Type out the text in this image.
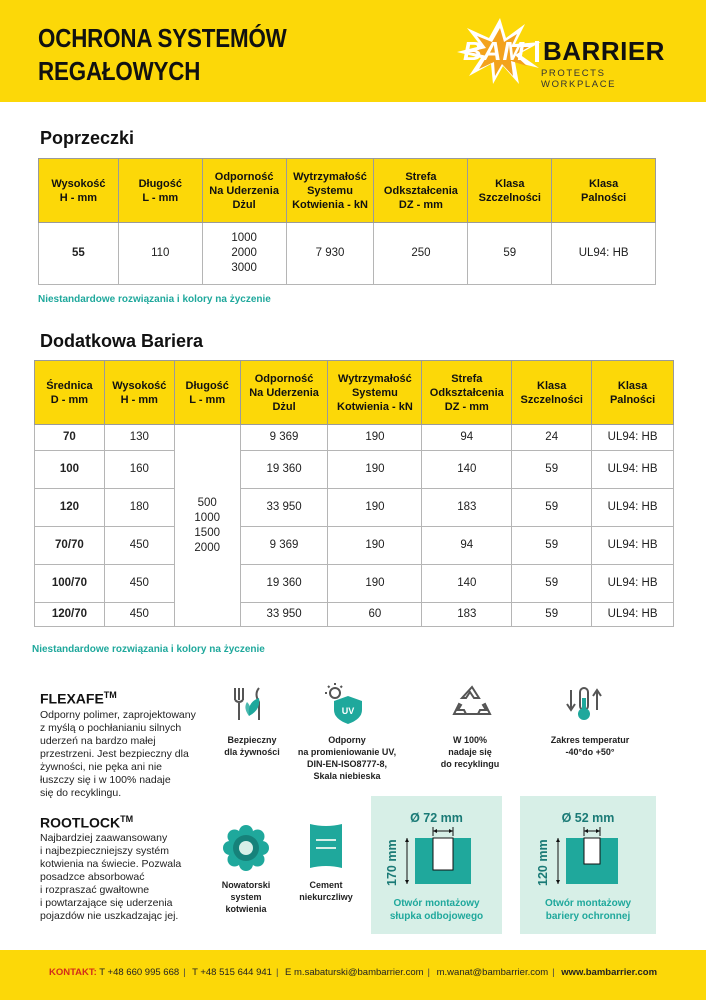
OCHRONA SYSTEMÓW
REGAŁOWYCH
BAM BARRIER
PROTECTS WORKPLACE
Poprzeczki
Wysokość
H - mm	Długość
L - mm	Odporność
Na Uderzenia
Dżul	Wytrzymałość
Systemu
Kotwienia - kN	Strefa
Odkształcenia
DZ - mm	Klasa
Szczelności	Klasa
Palności
55	110	1000
2000
3000	7 930	250	59	UL94: HB
Niestandardowe rozwiązania i kolory na życzenie
Dodatkowa Bariera
Średnica
D - mm	Wysokość
H - mm	Długość
L - mm	Odporność
Na Uderzenia
Dżul	Wytrzymałość
Systemu
Kotwienia - kN	Strefa
Odkształcenia
DZ - mm	Klasa
Szczelności	Klasa
Palności
70	130	500
1000
1500
2000	9 369	190	94	24	UL94: HB
100	160		19 360	190	140	59	UL94: HB
120	180		33 950	190	183	59	UL94: HB
70/70	450		9 369	190	94	59	UL94: HB
100/70	450		19 360	190	140	59	UL94: HB
120/70	450		33 950	60	183	59	UL94: HB
Niestandardowe rozwiązania i kolory na życzenie
FLEXAFE™
Odporny polimer, zaprojektowany
z myślą o pochłanianiu silnych
uderzeń na bardzo małej
przestrzeni. Jest bezpieczny dla
żywności, nie pęka ani nie
łuszczy się i w 100% nadaje
się do recyklingu.
ROOTLOCK™
Najbardziej zaawansowany
i najbezpieczniejszy systém
kotwienia na świecie. Pozwala
posadzce absorbować
i rozpraszać gwałtowne
i powtarzające się uderzenia
pojazdów nie uszkadzając jej.
Bezpieczny
dla żywności
UV
Odporny
na promieniowanie UV,
DIN-EN-ISO8777-8,
Skala niebieska
W 100%
nadaje się
do recyklingu
Zakres temperatur
-40°do +50°
Nowatorski
system
kotwienia
Cement
niekurczliwy
Ø 72 mm
170 mm
Otwór montażowy
słupka odbojowego
Ø 52 mm
120 mm
Otwór montażowy
bariery ochronnej
KONTAKT: T +48 660 995 668 | T +48 515 644 941 | E m.sabaturski@bambarrier.com | m.wanat@bambarrier.com | www.bambarrier.com
